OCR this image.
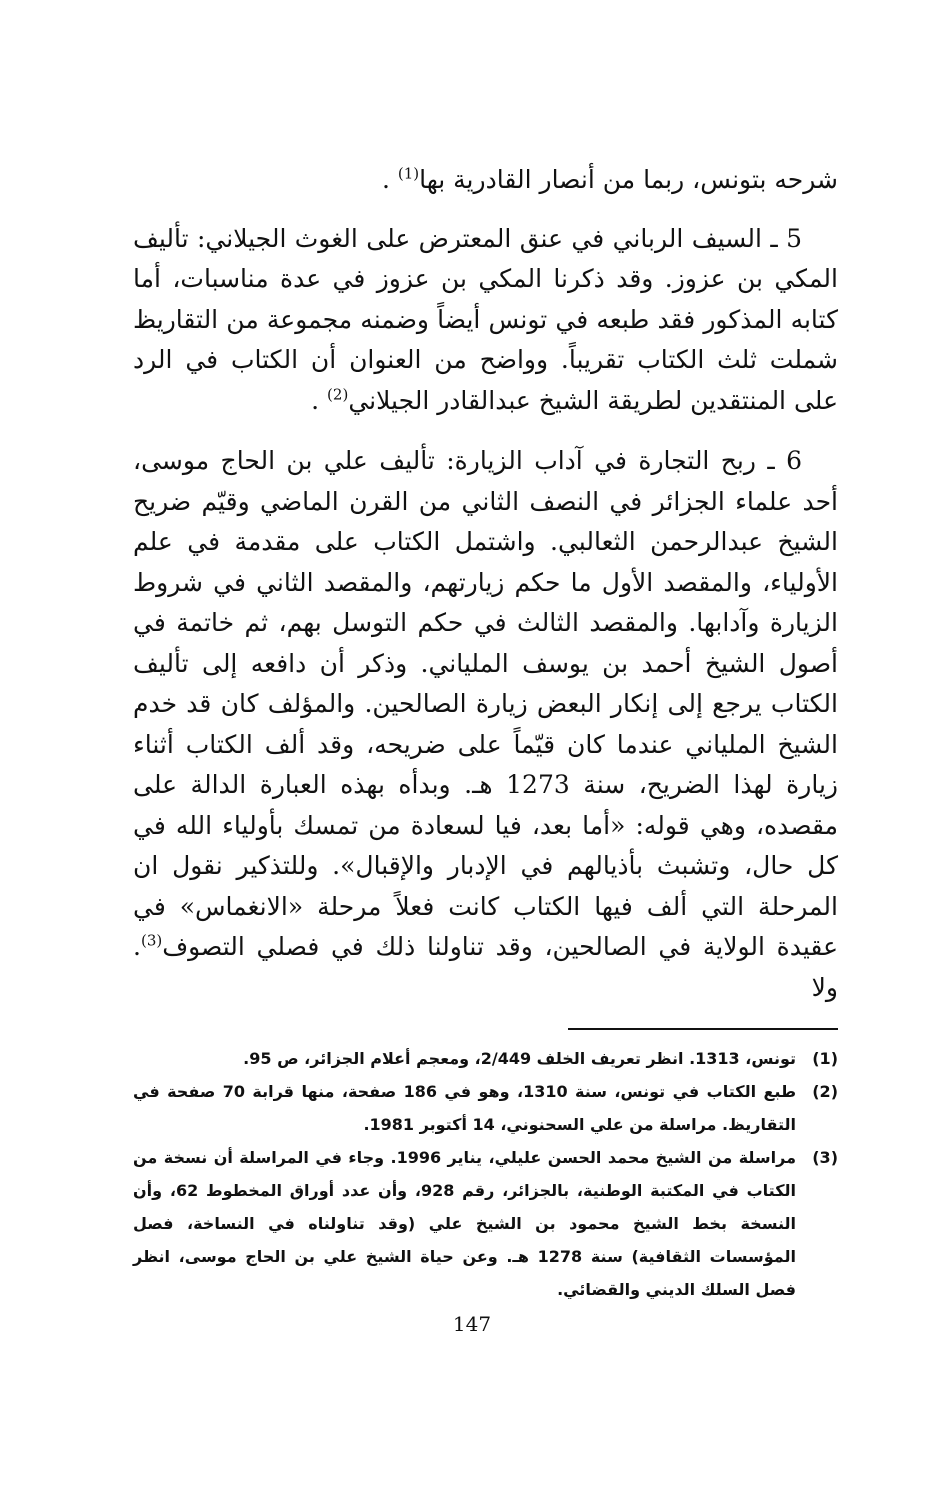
شرحه بتونس، ربما من أنصار القادرية بها$^{(1)}$ .

5 ـ السيف الرباني في عنق المعترض على الغوث الجيلاني: تأليف المكي بن عزوز. وقد ذكرنا المكي بن عزوز في عدة مناسبات، أما كتابه المذكور فقد طبعه في تونس أيضاً وضمنه مجموعة من التقاريظ شملت ثلث الكتاب تقريباً. وواضح من العنوان أن الكتاب في الرد على المنتقدين لطريقة الشيخ عبدالقادر الجيلاني$^{(2)}$ .

6 ـ ربح التجارة في آداب الزيارة: تأليف علي بن الحاج موسى، أحد علماء الجزائر في النصف الثاني من القرن الماضي وقيّم ضريح الشيخ عبدالرحمن الثعالبي. واشتمل الكتاب على مقدمة في علم الأولياء، والمقصد الأول ما حكم زيارتهم، والمقصد الثاني في شروط الزيارة وآدابها. والمقصد الثالث في حكم التوسل بهم، ثم خاتمة في أصول الشيخ أحمد بن يوسف الملياني. وذكر أن دافعه إلى تأليف الكتاب يرجع إلى إنكار البعض زيارة الصالحين. والمؤلف كان قد خدم الشيخ الملياني عندما كان قيّماً على ضريحه، وقد ألف الكتاب أثناء زيارة لهذا الضريح، سنة 1273 هـ. وبدأه بهذه العبارة الدالة على مقصده، وهي قوله: «أما بعد، فيا لسعادة من تمسك بأولياء الله في كل حال، وتشبث بأذيالهم في الإدبار والإقبال». وللتذكير نقول ان المرحلة التي ألف فيها الكتاب كانت فعلاً مرحلة «الانغماس» في عقيدة الولاية في الصالحين، وقد تناولنا ذلك في فصلي التصوف$^{(3)}$. ولا

(1)
تونس، 1313. انظر تعريف الخلف 2/449، ومعجم أعلام الجزائر، ص 95.
(2)
طبع الكتاب في تونس، سنة 1310، وهو في 186 صفحة، منها قرابة 70 صفحة في التقاريظ. مراسلة من علي السحنوني، 14 أكتوبر 1981.
(3)
مراسلة من الشيخ محمد الحسن عليلي، يناير 1996. وجاء في المراسلة أن نسخة من الكتاب في المكتبة الوطنية، بالجزائر، رقم 928، وأن عدد أوراق المخطوط 62، وأن النسخة بخط الشيخ محمود بن الشيخ علي (وقد تناولناه في النساخة، فصل المؤسسات الثقافية) سنة 1278 هـ. وعن حياة الشيخ علي بن الحاج موسى، انظر فصل السلك الديني والقضائي.
147
